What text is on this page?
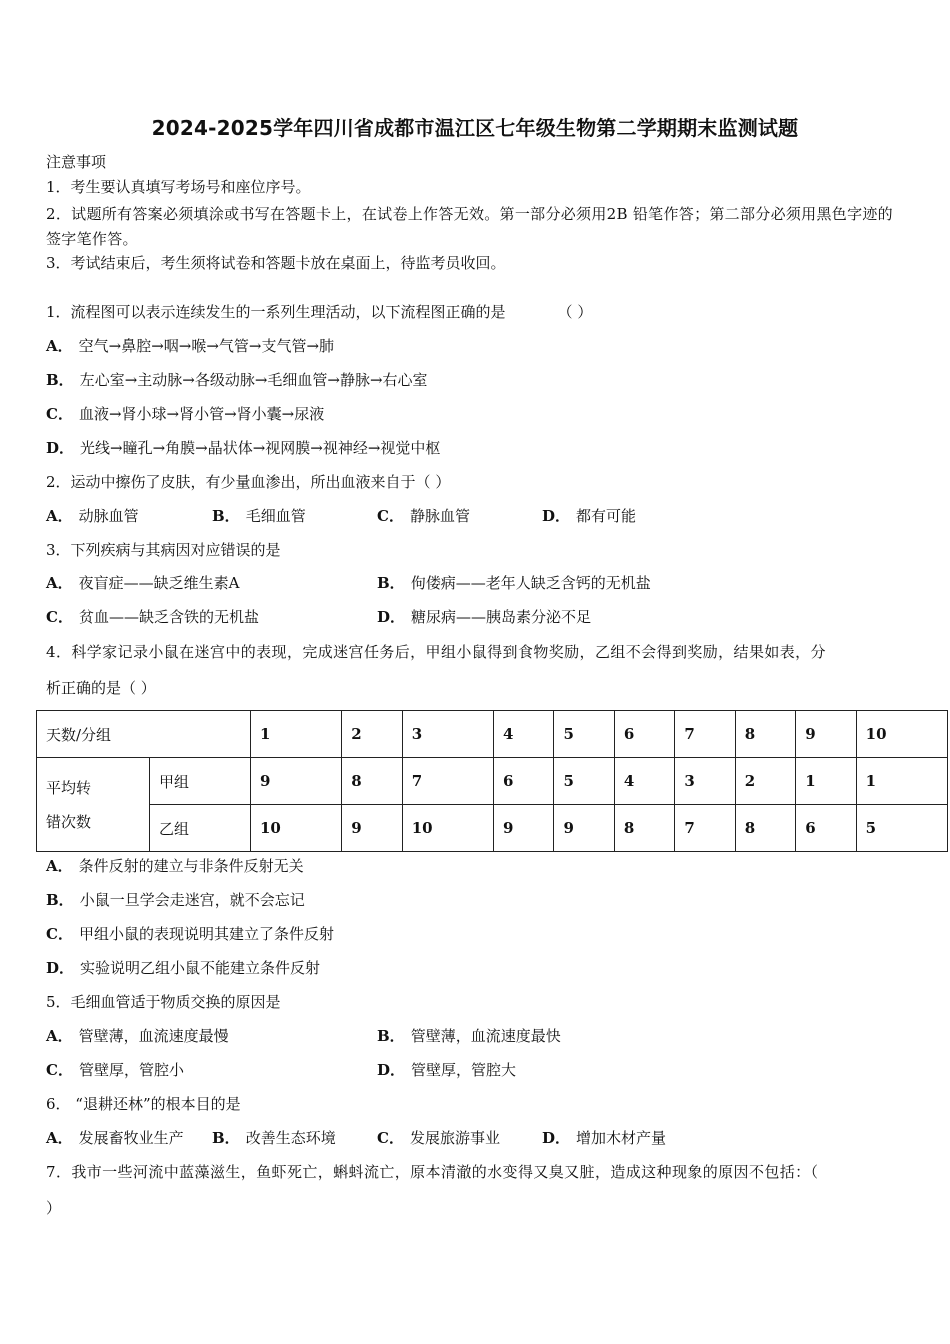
2024-2025学年四川省成都市温江区七年级生物第二学期期末监测试题
注意事项
1．考生要认真填写考场号和座位序号。
2．试题所有答案必须填涂或书写在答题卡上，在试卷上作答无效。第一部分必须用2B 铅笔作答；第二部分必须用黑色字迹的签字笔作答。
3．考试结束后，考生须将试卷和答题卡放在桌面上，待监考员收回。
1．流程图可以表示连续发生的一系列生理活动，以下流程图正确的是	（ ）
A． 空气→鼻腔→咽→喉→气管→支气管→肺
B． 左心室→主动脉→各级动脉→毛细血管→静脉→右心室
C． 血液→肾小球→肾小管→肾小囊→尿液
D． 光线→瞳孔→角膜→晶状体→视网膜→视神经→视觉中枢
2．运动中擦伤了皮肤，有少量血渗出，所出血液来自于（ ）
A． 动脉血管	B． 毛细血管	C． 静脉血管	D． 都有可能
3．下列疾病与其病因对应错误的是
A． 夜盲症——缺乏维生素A	B． 佝偻病——老年人缺乏含钙的无机盐
C． 贫血——缺乏含铁的无机盐	D． 糖尿病——胰岛素分泌不足
4．科学家记录小鼠在迷宫中的表现，完成迷宫任务后，甲组小鼠得到食物奖励，乙组不会得到奖励，结果如表，分
析正确的是（ ）
天数/分组		1	2	3	4	5	6	7	8	9	10

平均转
错次数	甲组	9	8	7	6	5	4	3	2	1	1
	乙组	10	9	10	9	9	8	7	8	6	5
A． 条件反射的建立与非条件反射无关
B． 小鼠一旦学会走迷宫，就不会忘记
C． 甲组小鼠的表现说明其建立了条件反射
D． 实验说明乙组小鼠不能建立条件反射
5．毛细血管适于物质交换的原因是
A． 管壁薄，血流速度最慢	B． 管壁薄，血流速度最快
C． 管壁厚，管腔小	D． 管壁厚，管腔大
6． “退耕还林”的根本目的是
A． 发展畜牧业生产 B． 改善生态环境	C． 发展旅游事业	D． 增加木材产量
7．我市一些河流中蓝藻滋生，鱼虾死亡，蝌蚪流亡，原本清澈的水变得又臭又脏，造成这种现象的原因不包括：（
）
